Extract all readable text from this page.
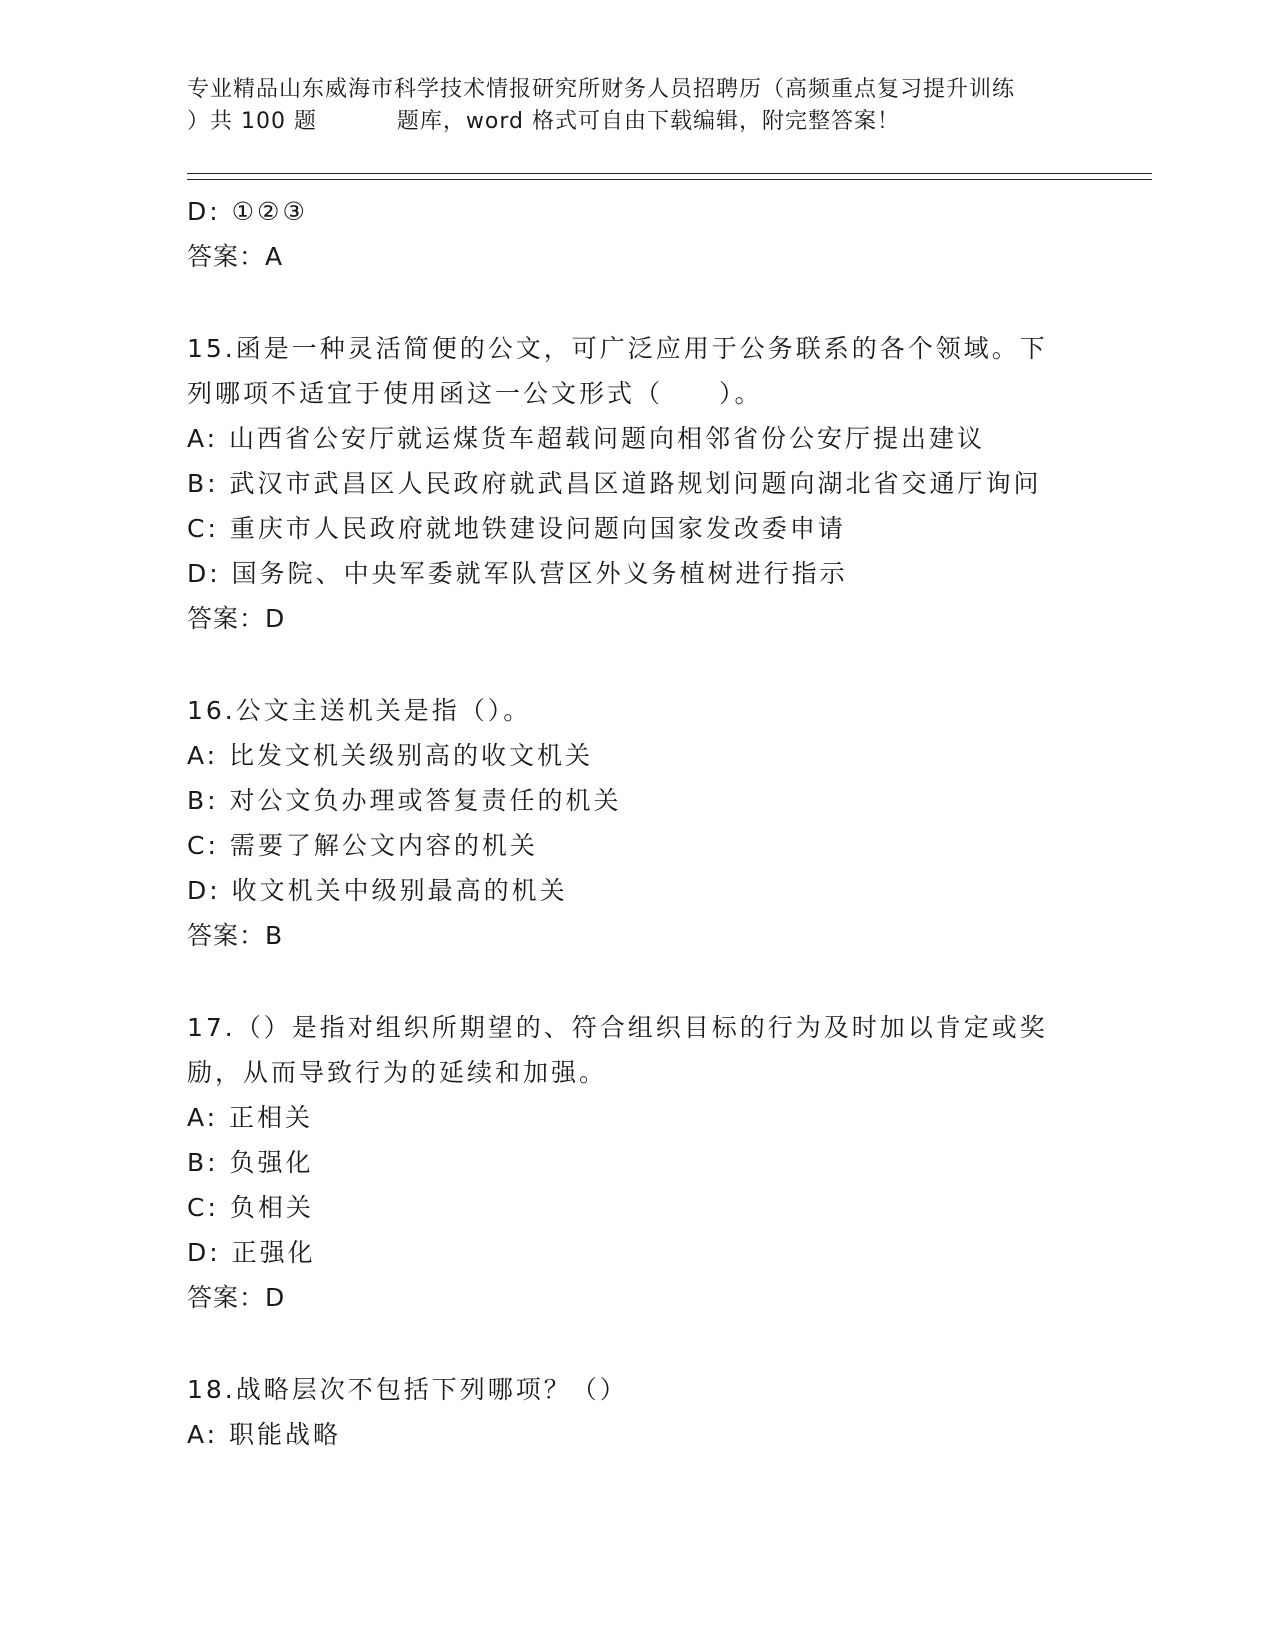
专业精品山东威海市科学技术情报研究所财务人员招聘历（高频重点复习提升训练
）共 100 题          题库，word 格式可自由下载编辑，附完整答案！
D: ①②③
答案：A
15.函是一种灵活简便的公文，可广泛应用于公务联系的各个领域。下
列哪项不适宜于使用函这一公文形式（　　）。
A: 山西省公安厅就运煤货车超载问题向相邻省份公安厅提出建议
B: 武汉市武昌区人民政府就武昌区道路规划问题向湖北省交通厅询问
C: 重庆市人民政府就地铁建设问题向国家发改委申请
D: 国务院、中央军委就军队营区外义务植树进行指示
答案：D
16.公文主送机关是指（）。
A: 比发文机关级别高的收文机关
B: 对公文负办理或答复责任的机关
C: 需要了解公文内容的机关
D: 收文机关中级别最高的机关
答案：B
17.（）是指对组织所期望的、符合组织目标的行为及时加以肯定或奖
励，从而导致行为的延续和加强。
A: 正相关
B: 负强化
C: 负相关
D: 正强化
答案：D
18.战略层次不包括下列哪项？（）
A: 职能战略
